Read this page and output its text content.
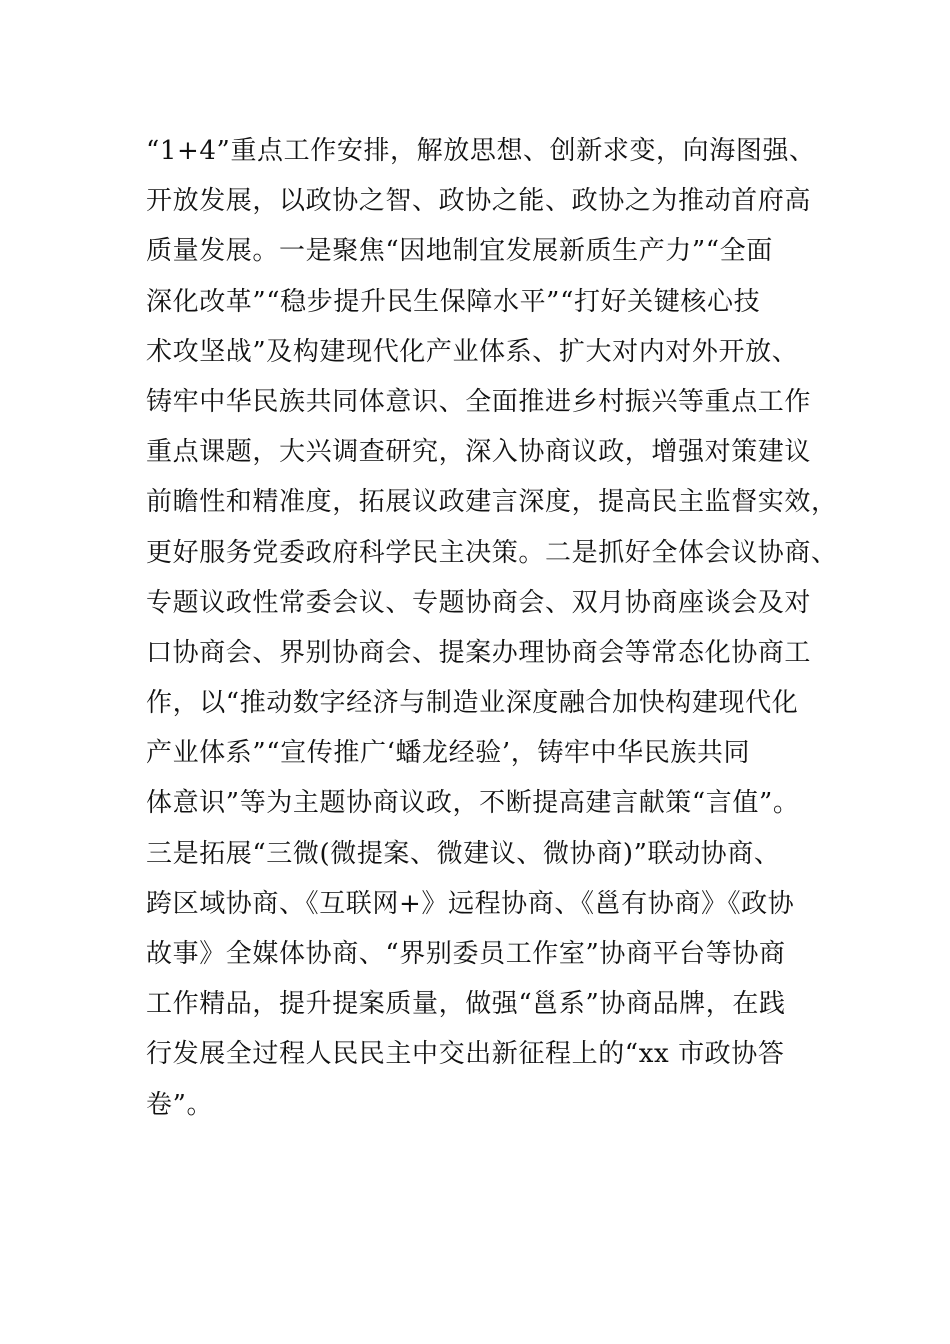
“1+4”重点工作安排，解放思想、创新求变，向海图强、
开放发展，以政协之智、政协之能、政协之为推动首府高
质量发展。一是聚焦“因地制宜发展新质生产力”“全面
深化改革”“稳步提升民生保障水平”“打好关键核心技
术攻坚战”及构建现代化产业体系、扩大对内对外开放、
铸牢中华民族共同体意识、全面推进乡村振兴等重点工作
重点课题，大兴调查研究，深入协商议政，增强对策建议
前瞻性和精准度，拓展议政建言深度，提高民主监督实效，
更好服务党委政府科学民主决策。二是抓好全体会议协商、
专题议政性常委会议、专题协商会、双月协商座谈会及对
口协商会、界别协商会、提案办理协商会等常态化协商工
作，以“推动数字经济与制造业深度融合加快构建现代化
产业体系”“宣传推广‘蟠龙经验’，铸牢中华民族共同
体意识”等为主题协商议政，不断提高建言献策“言值”。
三是拓展“三微(微提案、微建议、微协商)”联动协商、
跨区域协商、《互联网+》远程协商、《邕有协商》《政协
故事》全媒体协商、“界别委员工作室”协商平台等协商
工作精品，提升提案质量，做强“邕系”协商品牌，在践
行发展全过程人民民主中交出新征程上的“xx 市政协答
卷”。
